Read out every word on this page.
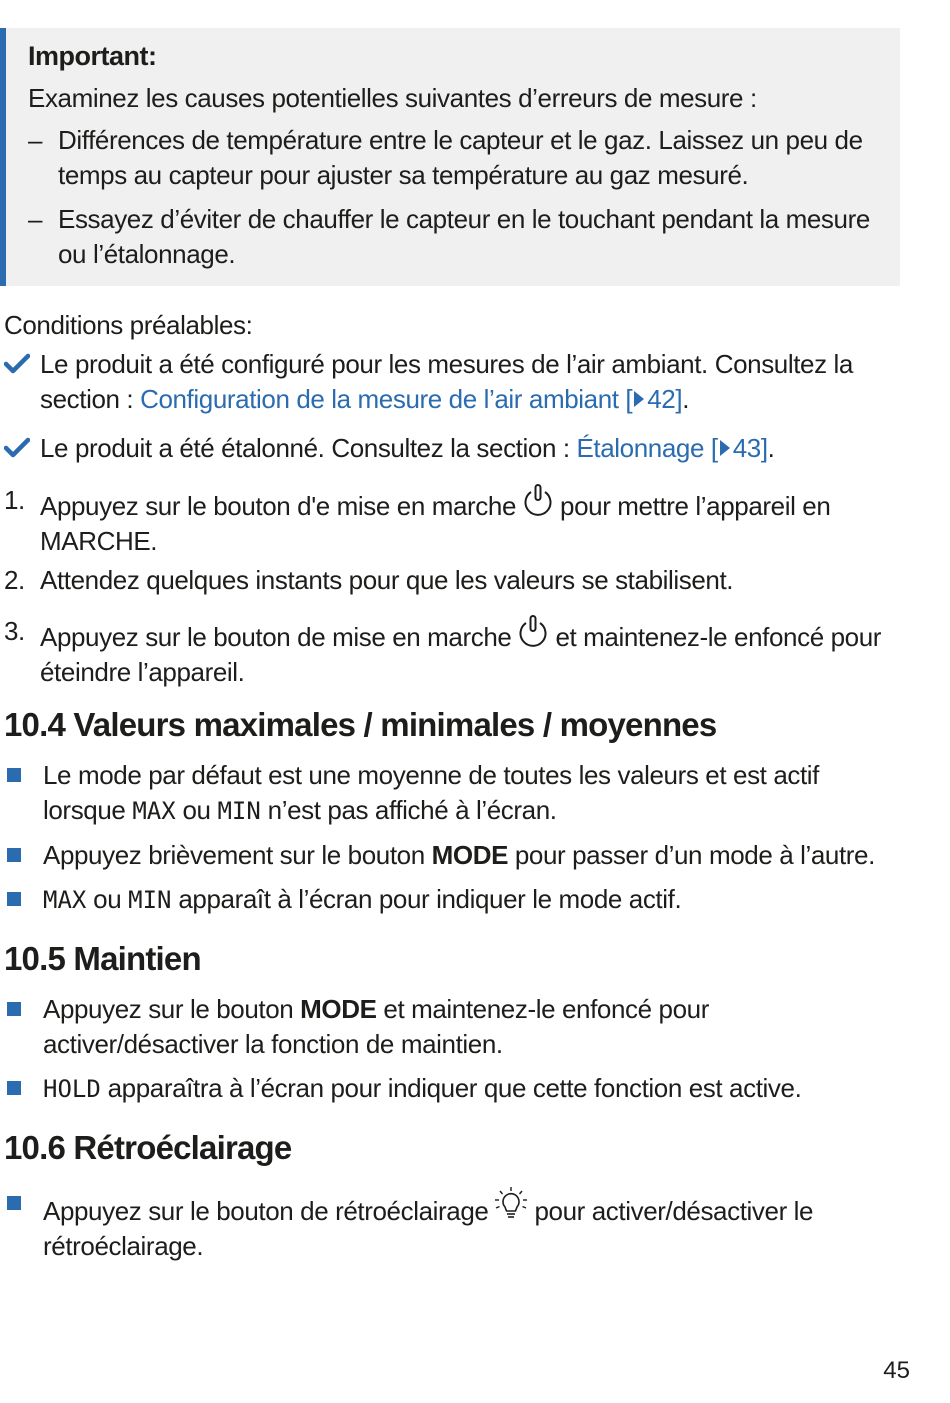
Important:
Examinez les causes potentielles suivantes d’erreurs de mesure :
– Différences de température entre le capteur et le gaz. Laissez un peu de temps au capteur pour ajuster sa température au gaz mesuré.
– Essayez d’éviter de chauffer le capteur en le touchant pendant la mesure ou l’étalonnage.
Conditions préalables:
Le produit a été configuré pour les mesures de l’air ambiant. Consultez la section : Configuration de la mesure de l’air ambiant [ 42].
Le produit a été étalonné. Consultez la section : Étalonnage [ 43].
1. Appuyez sur le bouton d'e mise en marche pour mettre l’appareil en MARCHE.
2. Attendez quelques instants pour que les valeurs se stabilisent.
3. Appuyez sur le bouton de mise en marche et maintenez-le enfoncé pour éteindre l’appareil.
10.4 Valeurs maximales / minimales / moyennes
Le mode par défaut est une moyenne de toutes les valeurs et est actif lorsque MAX ou MIN n’est pas affiché à l’écran.
Appuyez brièvement sur le bouton MODE pour passer d’un mode à l’autre.
MAX ou MIN apparaît à l’écran pour indiquer le mode actif.
10.5 Maintien
Appuyez sur le bouton MODE et maintenez-le enfoncé pour activer/désactiver la fonction de maintien.
HOLD apparaîtra à l’écran pour indiquer que cette fonction est active.
10.6 Rétroéclairage
Appuyez sur le bouton de rétroéclairage pour activer/désactiver le rétroéclairage.
45
